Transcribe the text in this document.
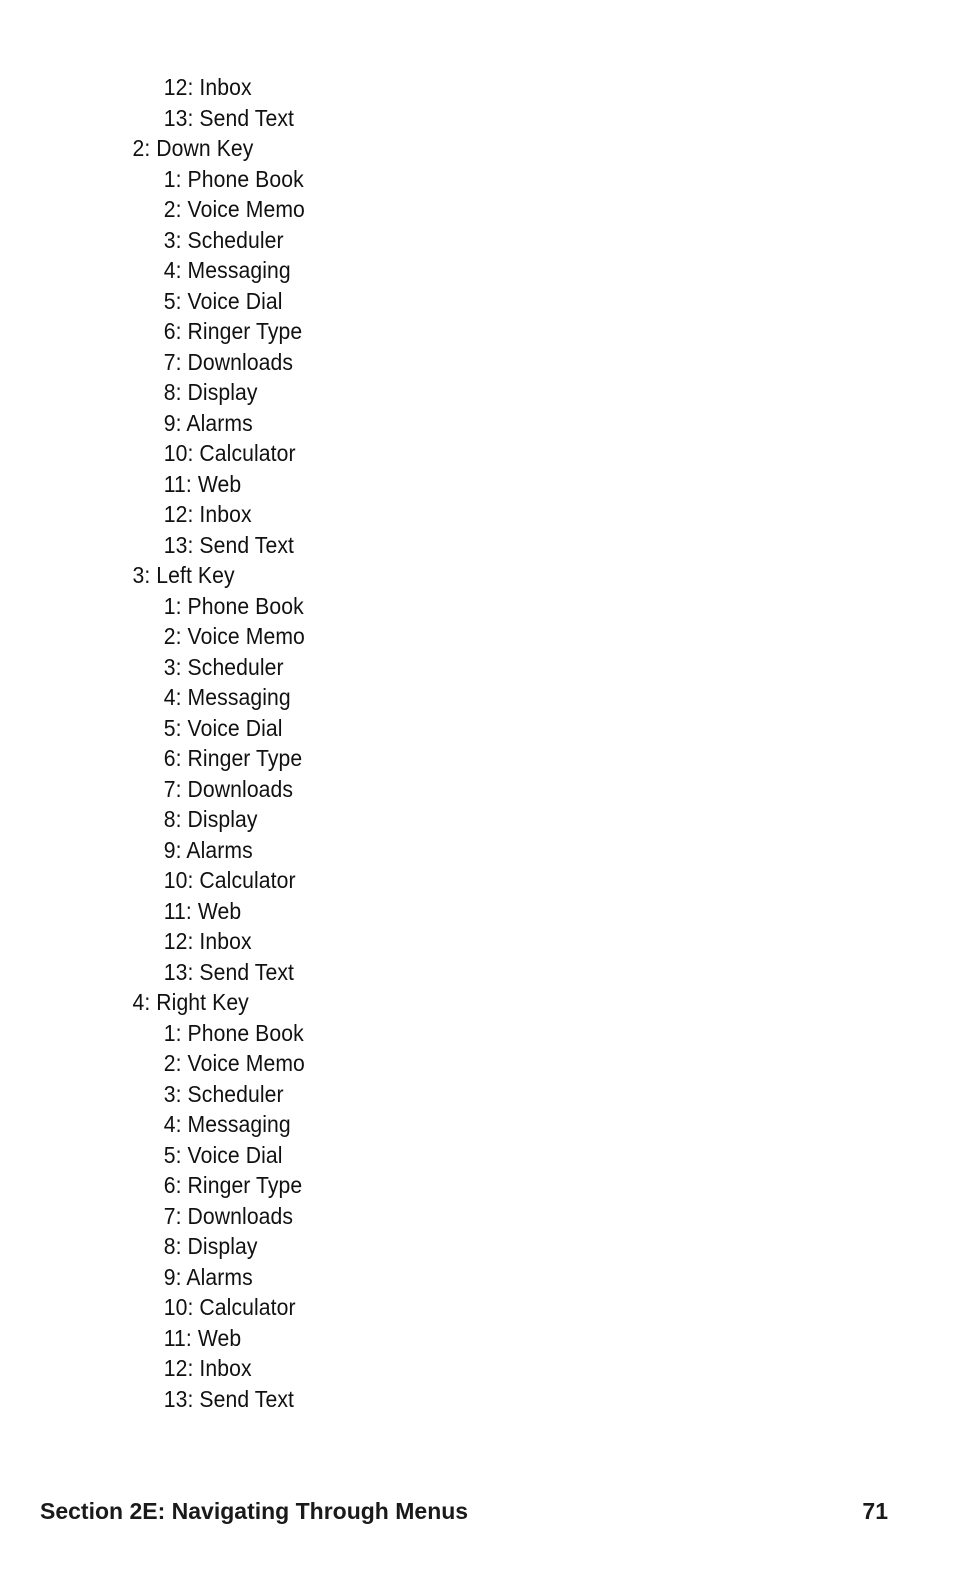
12: Inbox
13: Send Text
2: Down Key
1: Phone Book
2: Voice Memo
3: Scheduler
4: Messaging
5: Voice Dial
6: Ringer Type
7: Downloads
8: Display
9: Alarms
10: Calculator
11: Web
12: Inbox
13: Send Text
3: Left Key
1: Phone Book
2: Voice Memo
3: Scheduler
4: Messaging
5: Voice Dial
6: Ringer Type
7: Downloads
8: Display
9: Alarms
10: Calculator
11: Web
12: Inbox
13: Send Text
4: Right Key
1: Phone Book
2: Voice Memo
3: Scheduler
4: Messaging
5: Voice Dial
6: Ringer Type
7: Downloads
8: Display
9: Alarms
10: Calculator
11: Web
12: Inbox
13: Send Text
Section 2E: Navigating Through Menus	71
